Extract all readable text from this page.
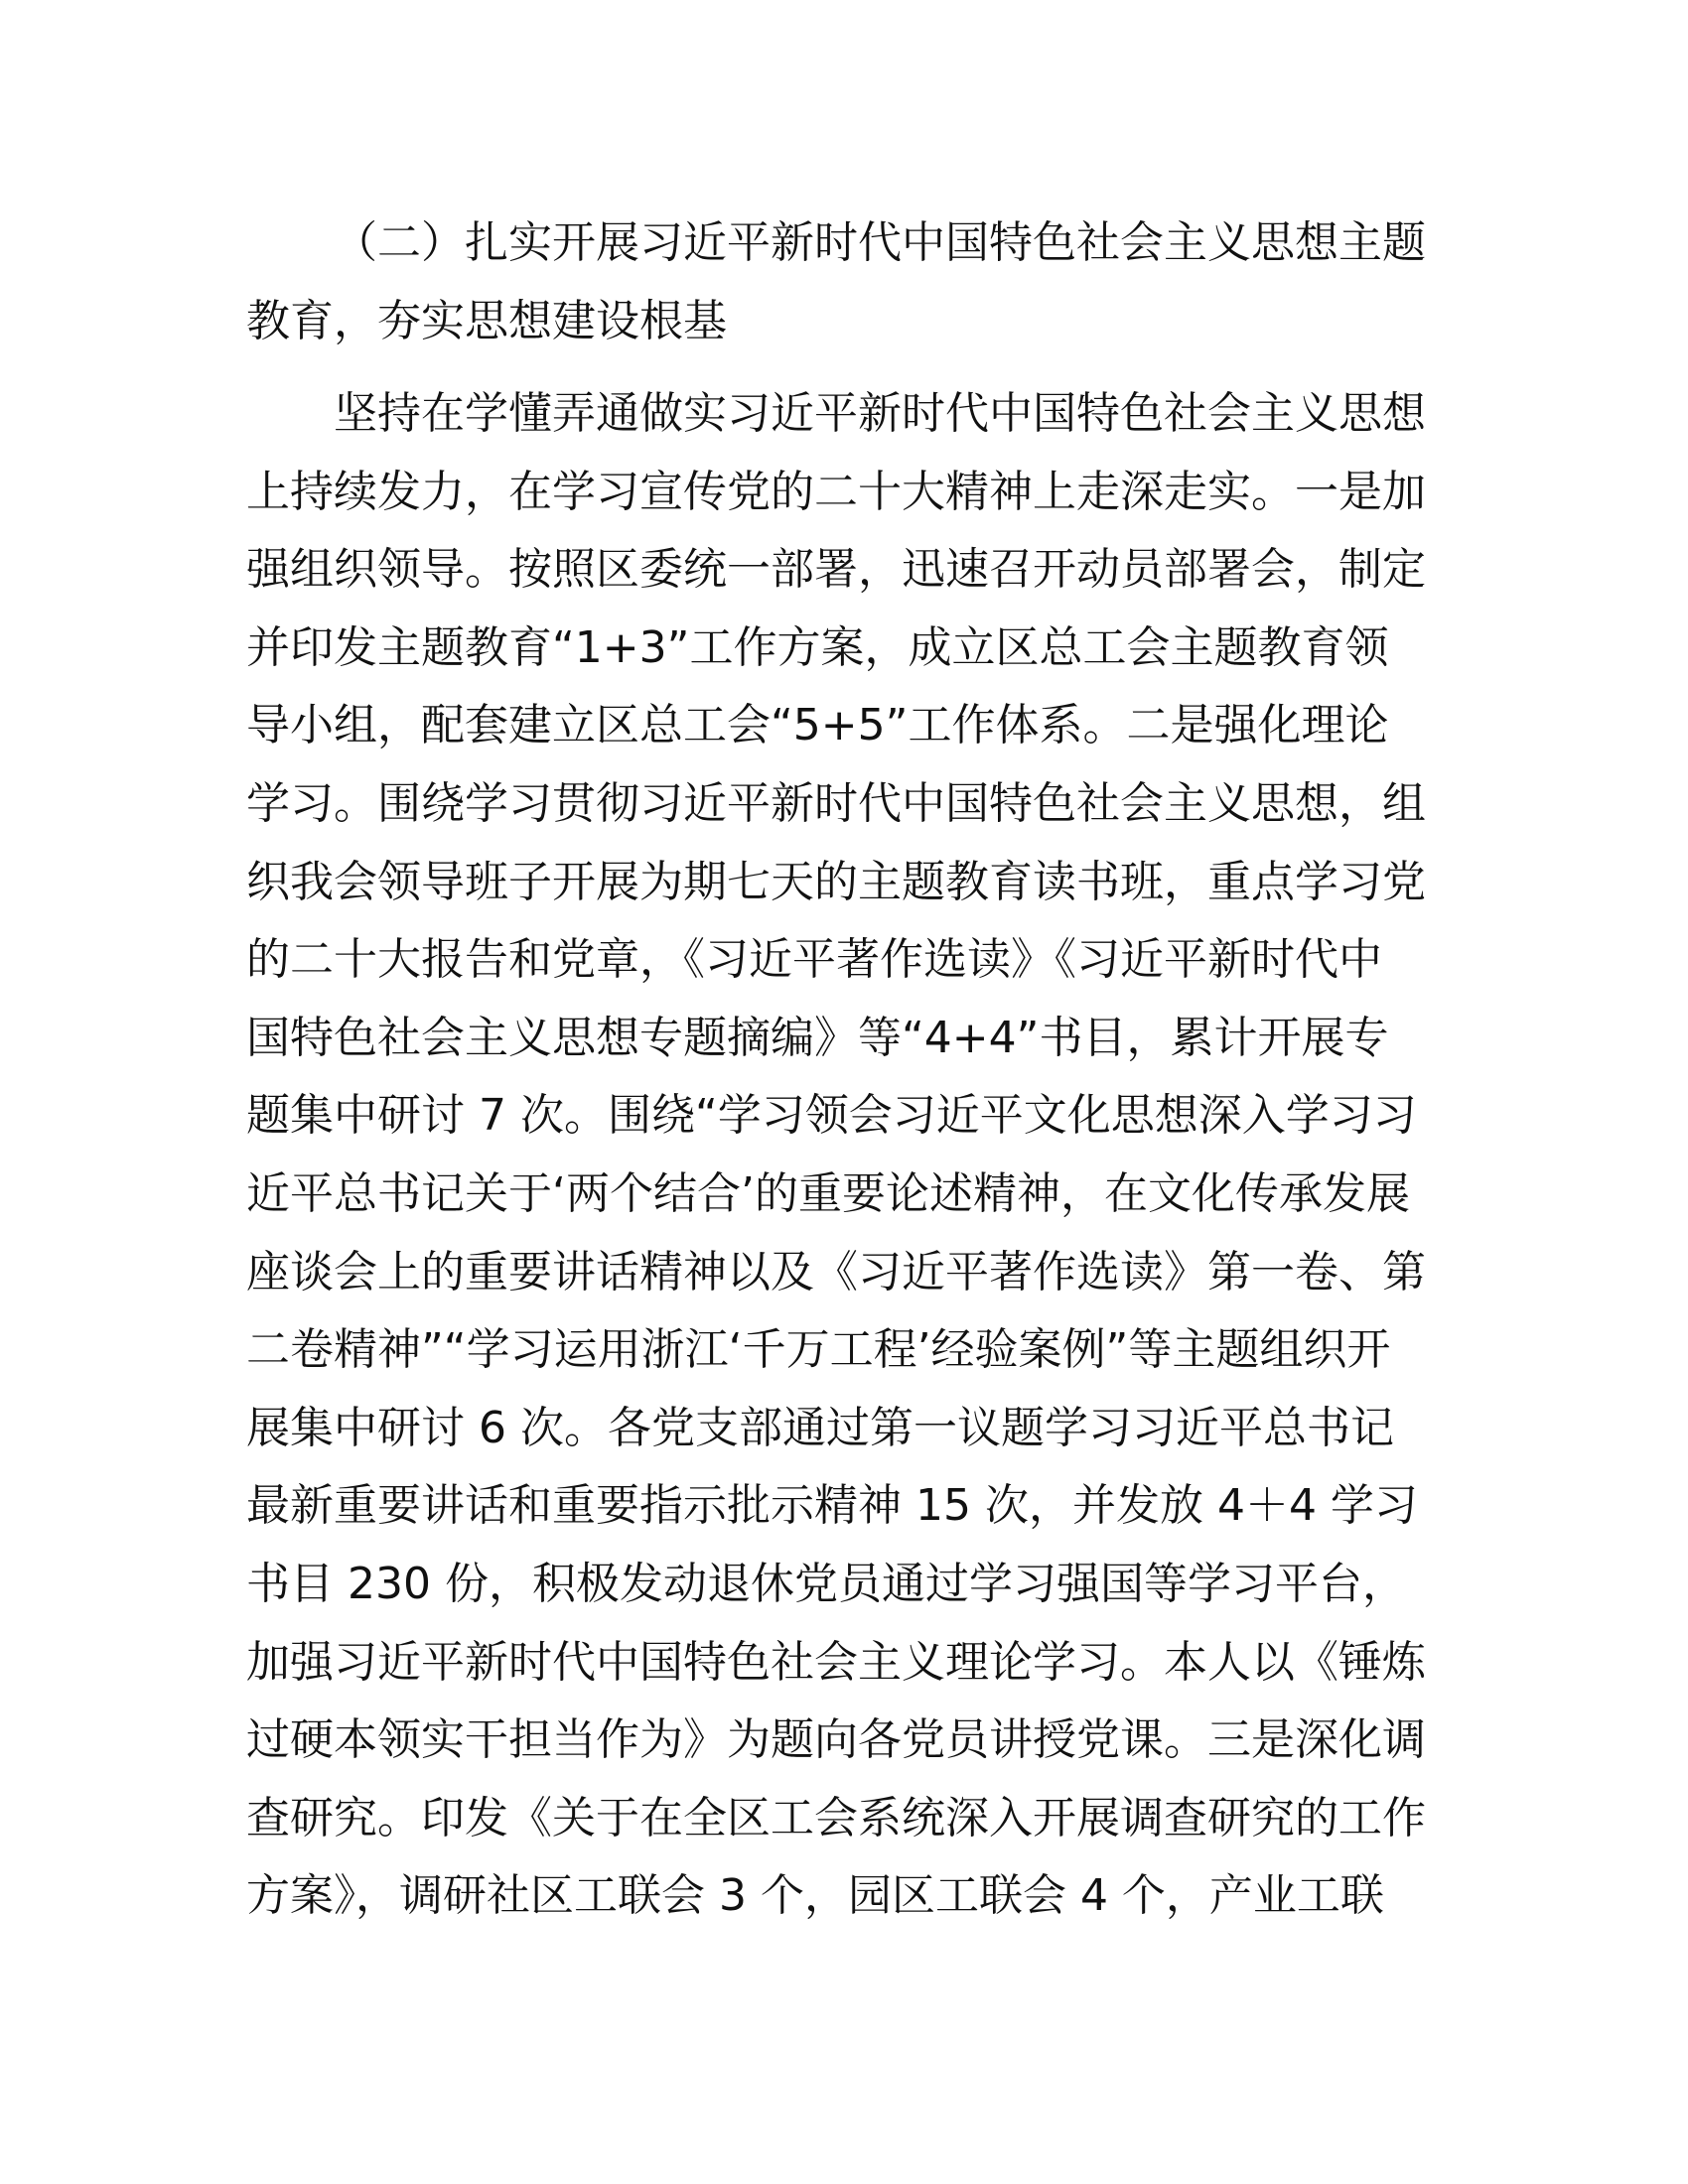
（二）扎实开展习近平新时代中国特色社会主义思想主题
教育，夯实思想建设根基
坚持在学懂弄通做实习近平新时代中国特色社会主义思想
上持续发力，在学习宣传党的二十大精神上走深走实。一是加
强组织领导。按照区委统一部署，迅速召开动员部署会，制定
并印发主题教育“1+3”工作方案，成立区总工会主题教育领
导小组，配套建立区总工会“5+5”工作体系。二是强化理论
学习。围绕学习贯彻习近平新时代中国特色社会主义思想，组
织我会领导班子开展为期七天的主题教育读书班，重点学习党
的二十大报告和党章，《习近平著作选读》《习近平新时代中
国特色社会主义思想专题摘编》等“4+4”书目，累计开展专
题集中研讨 7 次。围绕“学习领会习近平文化思想深入学习习
近平总书记关于‘两个结合’的重要论述精神，在文化传承发展
座谈会上的重要讲话精神以及《习近平著作选读》第一卷、第
二卷精神”“学习运用浙江‘千万工程’经验案例”等主题组织开
展集中研讨 6 次。各党支部通过第一议题学习习近平总书记
最新重要讲话和重要指示批示精神 15 次，并发放 4＋4 学习
书目 230 份，积极发动退休党员通过学习强国等学习平台，
加强习近平新时代中国特色社会主义理论学习。本人以《锤炼
过硬本领实干担当作为》为题向各党员讲授党课。三是深化调
查研究。印发《关于在全区工会系统深入开展调查研究的工作
方案》，调研社区工联会 3 个，园区工联会 4 个，产业工联
